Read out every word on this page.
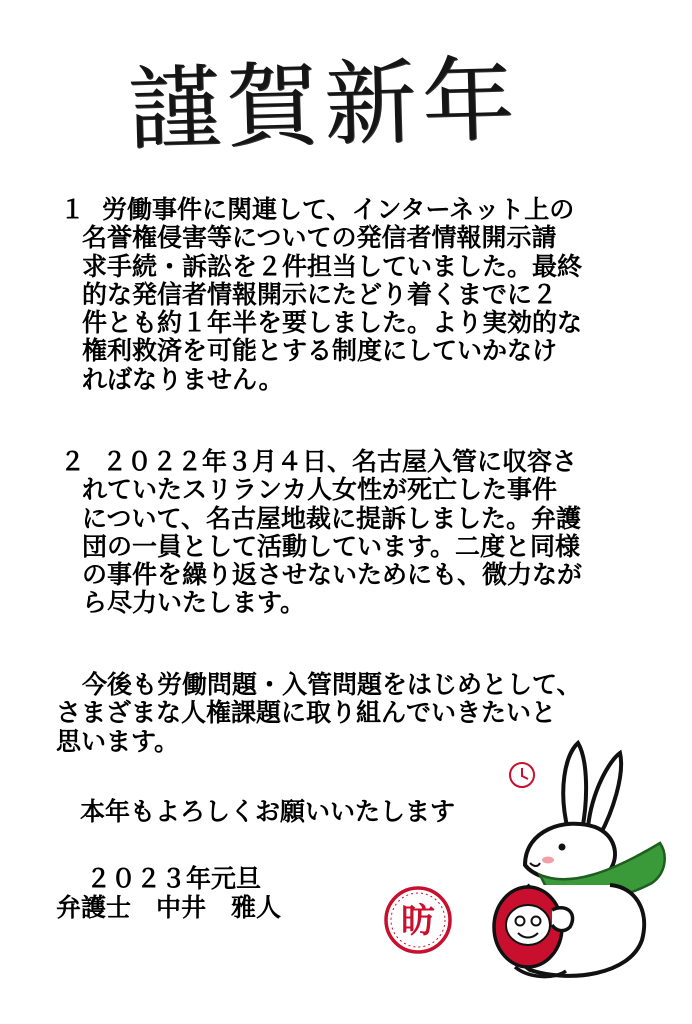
謹賀新年
１ 労働事件に関連して、インターネット上の
名誉権侵害等についての発信者情報開示請
求手続・訴訟を２件担当していました。最終
的な発信者情報開示にたどり着くまでに２
件とも約１年半を要しました。より実効的な
権利救済を可能とする制度にしていかなけ
ればなりません。
２ ２０２２年３月４日、名古屋入管に収容さ
れていたスリランカ人女性が死亡した事件
について、名古屋地裁に提訴しました。弁護
団の一員として活動しています。二度と同様
の事件を繰り返させないためにも、微力なが
ら尽力いたします。
今後も労働問題・入管問題をはじめとして、
さまざまな人権課題に取り組んでいきたいと
思います。
本年もよろしくお願いいたします
２０２３年元旦
弁護士　中井　雅人	昉
